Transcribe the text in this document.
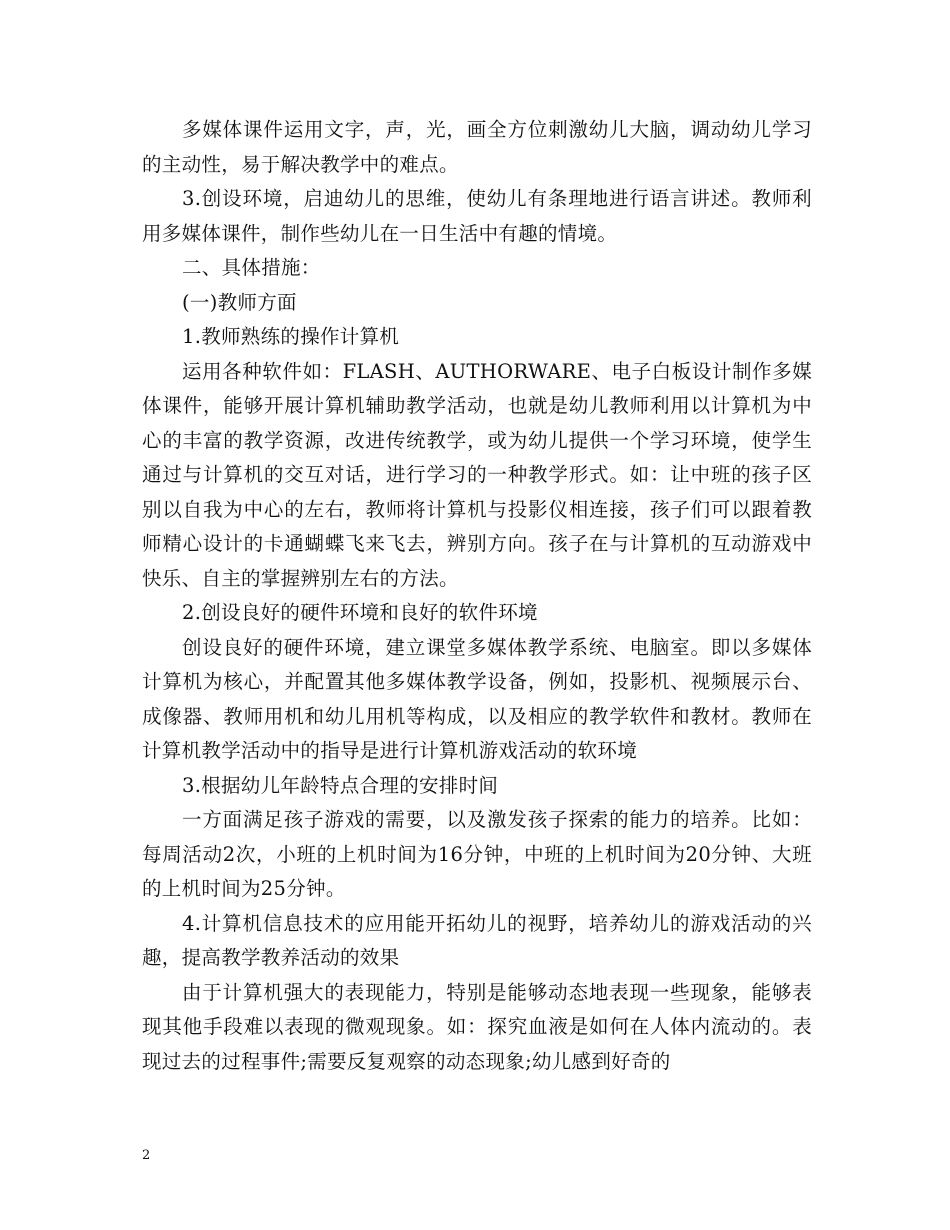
多媒体课件运用文字，声，光，画全方位刺激幼儿大脑，调动幼儿学习的主动性，易于解决教学中的难点。

3.创设环境，启迪幼儿的思维，使幼儿有条理地进行语言讲述。教师利用多媒体课件，制作些幼儿在一日生活中有趣的情境。

二、具体措施：

(一)教师方面

1.教师熟练的操作计算机

运用各种软件如：FLASH、AUTHORWARE、电子白板设计制作多媒体课件，能够开展计算机辅助教学活动，也就是幼儿教师利用以计算机为中心的丰富的教学资源，改进传统教学，或为幼儿提供一个学习环境，使学生通过与计算机的交互对话，进行学习的一种教学形式。如：让中班的孩子区别以自我为中心的左右，教师将计算机与投影仪相连接，孩子们可以跟着教师精心设计的卡通蝴蝶飞来飞去，辨别方向。孩子在与计算机的互动游戏中快乐、自主的掌握辨别左右的方法。

2.创设良好的硬件环境和良好的软件环境

创设良好的硬件环境，建立课堂多媒体教学系统、电脑室。即以多媒体计算机为核心，并配置其他多媒体教学设备，例如，投影机、视频展示台、成像器、教师用机和幼儿用机等构成，以及相应的教学软件和教材。教师在计算机教学活动中的指导是进行计算机游戏活动的软环境

3.根据幼儿年龄特点合理的安排时间

一方面满足孩子游戏的需要，以及激发孩子探索的能力的培养。比如：每周活动2次，小班的上机时间为16分钟，中班的上机时间为20分钟、大班的上机时间为25分钟。

4.计算机信息技术的应用能开拓幼儿的视野，培养幼儿的游戏活动的兴趣，提高教学教养活动的效果

由于计算机强大的表现能力，特别是能够动态地表现一些现象，能够表现其他手段难以表现的微观现象。如：探究血液是如何在人体内流动的。表现过去的过程事件;需要反复观察的动态现象;幼儿感到好奇的

2
